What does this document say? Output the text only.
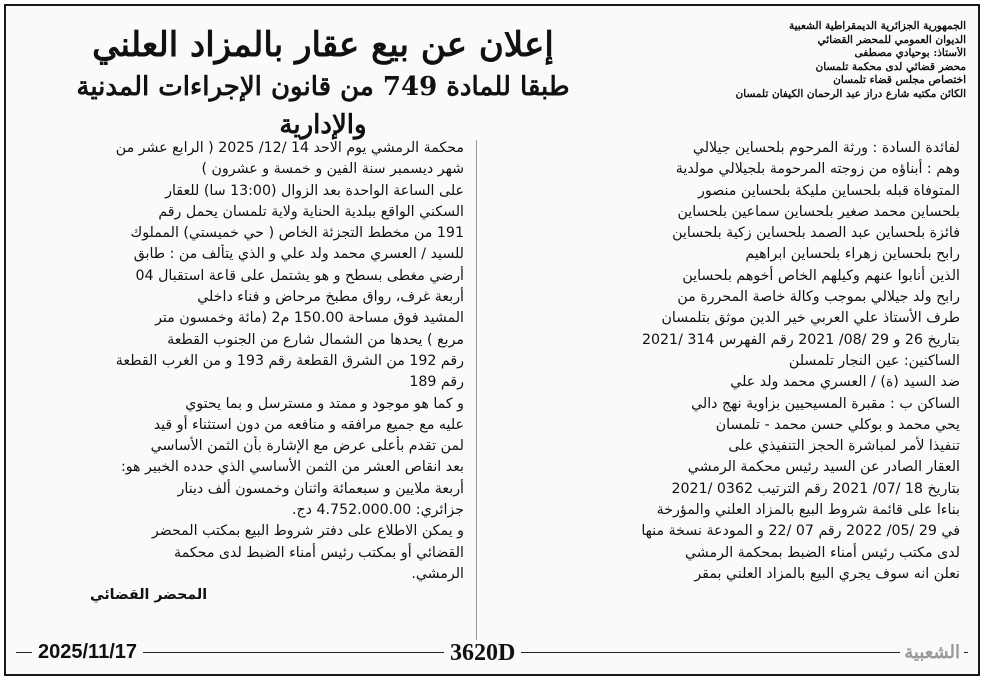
الجمهورية الجزائرية الديمقراطية الشعبية
الديوان العمومي للمحضر القضائي
الأستاذ: بوحيادي مصطفى
محضر قضائي لدى محكمة تلمسان
اختصاص مجلس قضاء تلمسان
الكائن مكتبه شارع دراز عبد الرحمان الكيفان تلمسان
إعلان عن بيع عقار بالمزاد العلني
طبقا للمادة 749 من قانون الإجراءات المدنية والإدارية

لفائدة السادة : ورثة المرحوم بلحساين جيلالي

وهم : أبناؤه من زوجته المرحومة بلجيلالي مولدية

المتوفاة قبله بلحساين مليكة بلحساين منصور

بلحساين محمد صغير بلحساين سماعين بلحساين

فائزة بلحساين عبد الصمد بلحساين زكية بلحساين

رابح بلحساين زهراء بلحساين ابراهيم

الذين أنابوا عنهم وكيلهم الخاص أخوهم بلحساين

رابح ولد جيلالي بموجب وكالة خاصة المحررة من

طرف الأستاذ علي العربي خير الدين موثق بتلمسان

بتاريخ 26 و 29 /08/ 2021 رقم الفهرس 314 /2021

الساكنين: عين النجار تلمسلن

ضد السيد (ة) / العسري محمد ولد علي

الساكن ب : مقبرة المسيحيين بزاوية نهج دالي

يحي محمد و بوكلي حسن محمد - تلمسان

تنفيذا لأمر لمباشرة الحجز التنفيذي على

العقار الصادر عن السيد رئيس محكمة الرمشي

بتاريخ 18 /07/ 2021 رقم الترتيب 0362 /2021

بناءا على قائمة شروط البيع بالمزاد العلني والمؤرخة

في 29 /05/ 2022 رقم 07 /22 و المودعة نسخة منها

لدى مكتب رئيس أمناء الضبط بمحكمة الرمشي

نعلن انه سوف يجري البيع بالمزاد العلني بمقر

محكمة الرمشي يوم الاحد 14 /12/ 2025 ( الرابع عشر من

شهر ديسمبر سنة الفين و خمسة و عشرون )

على الساعة الواحدة بعد الزوال (13:00 سا) للعقار

السكني الواقع ببلدية الحناية ولاية تلمسان يحمل رقم

191 من مخطط التجزئة الخاص ( حي خميستي) المملوك

للسيد / العسري محمد ولد علي و الذي يتألف من : طابق

أرضي مغطى بسطح و هو يشتمل على قاعة استقبال 04

أربعة غرف، رواق مطبخ مرحاض و فناء داخلي

المشيد فوق مساحة 150.00 م2 (مائة وخمسون متر

مربع ) يحدها من الشمال شارع من الجنوب القطعة

رقم 192 من الشرق القطعة رقم 193 و من الغرب القطعة

رقم 189

و كما هو موجود و ممتد و مسترسل و بما يحتوي

عليه مع جميع مرافقه و منافعه من دون استثناء أو قيد

لمن تقدم بأعلى عرض مع الإشارة بأن الثمن الأساسي

بعد انقاص العشر من الثمن الأساسي الذي حدده الخبير هو:

أربعة ملايين و سبعمائة واثنان وخمسون ألف دينار

جزائري: 4.752.000.00 دج.

و يمكن الاطلاع على دفتر شروط البيع بمكتب المحضر

القضائي أو بمكتب رئيس أمناء الضبط لدى محكمة

الرمشي.

المحضر القضائي

2025/11/17	3620D	الشعبية
